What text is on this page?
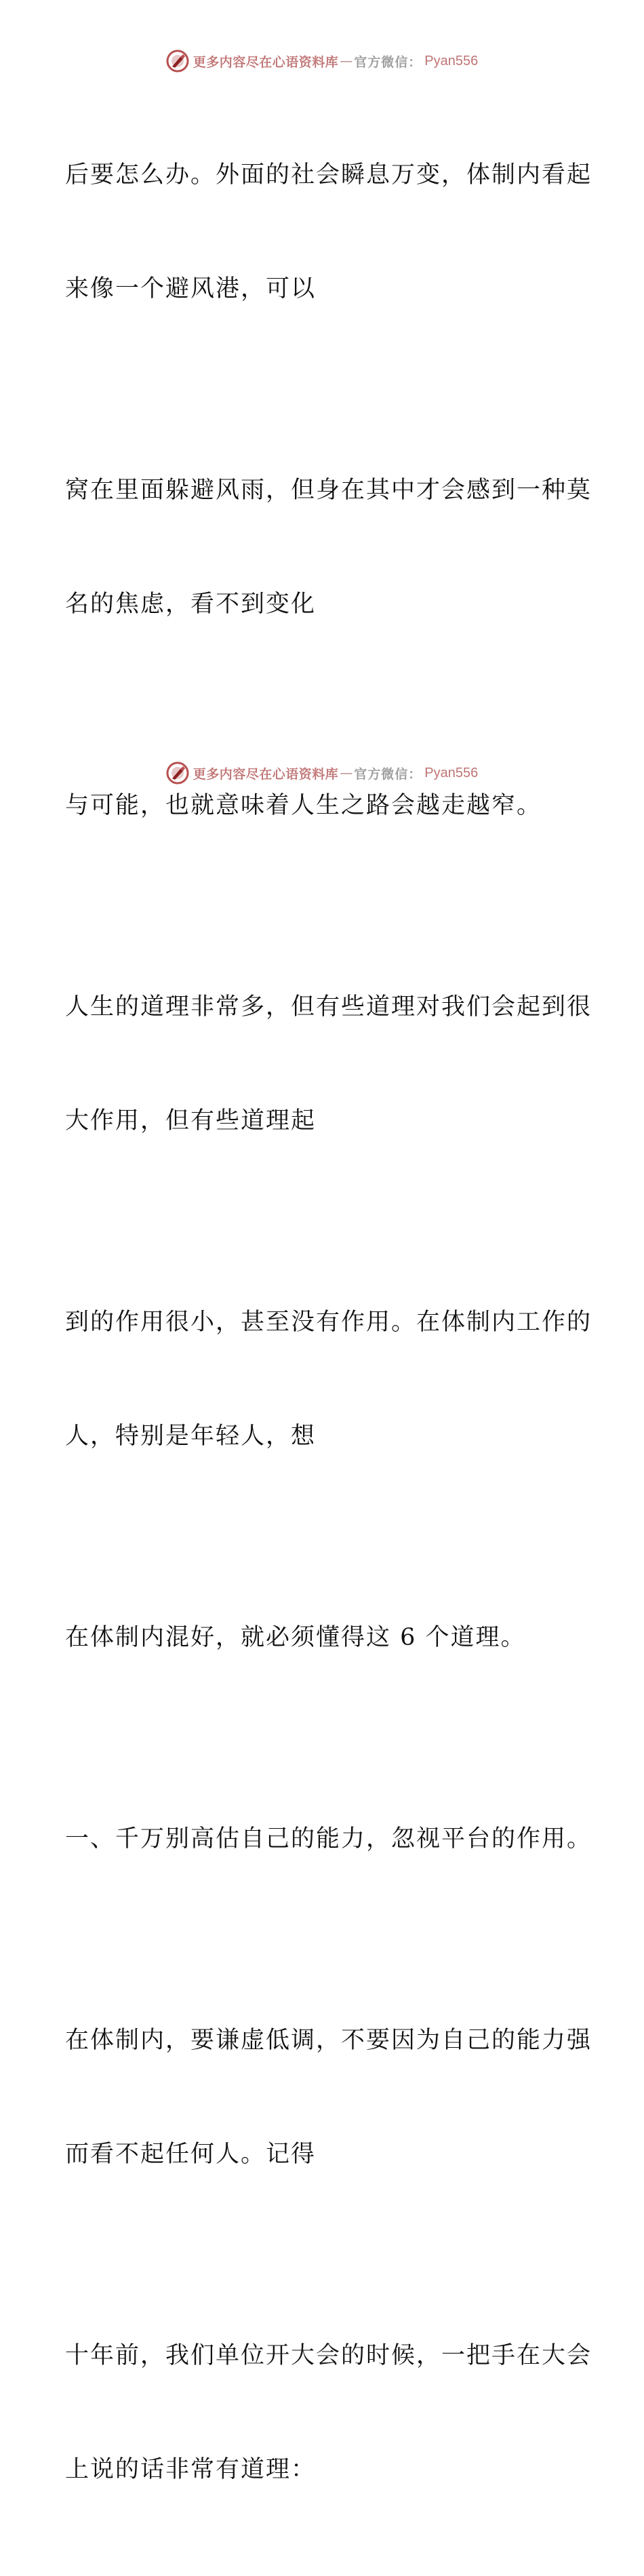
更多内容尽在心语资料库 — 官方微信： Pyan556

后要怎么办。外面的社会瞬息万变，体制内看起

来像一个避风港，可以

窝在里面躲避风雨，但身在其中才会感到一种莫

名的焦虑，看不到变化

与可能，也就意味着人生之路会越走越窄。

人生的道理非常多，但有些道理对我们会起到很

大作用，但有些道理起

到的作用很小，甚至没有作用。在体制内工作的

人，特别是年轻人，想

在体制内混好，就必须懂得这 6 个道理。

一、千万别高估自己的能力，忽视平台的作用。

在体制内，要谦虚低调，不要因为自己的能力强

而看不起任何人。记得

十年前，我们单位开大会的时候，一把手在大会

上说的话非常有道理：

更多内容尽在心语资料库 — 官方微信： Pyan556
